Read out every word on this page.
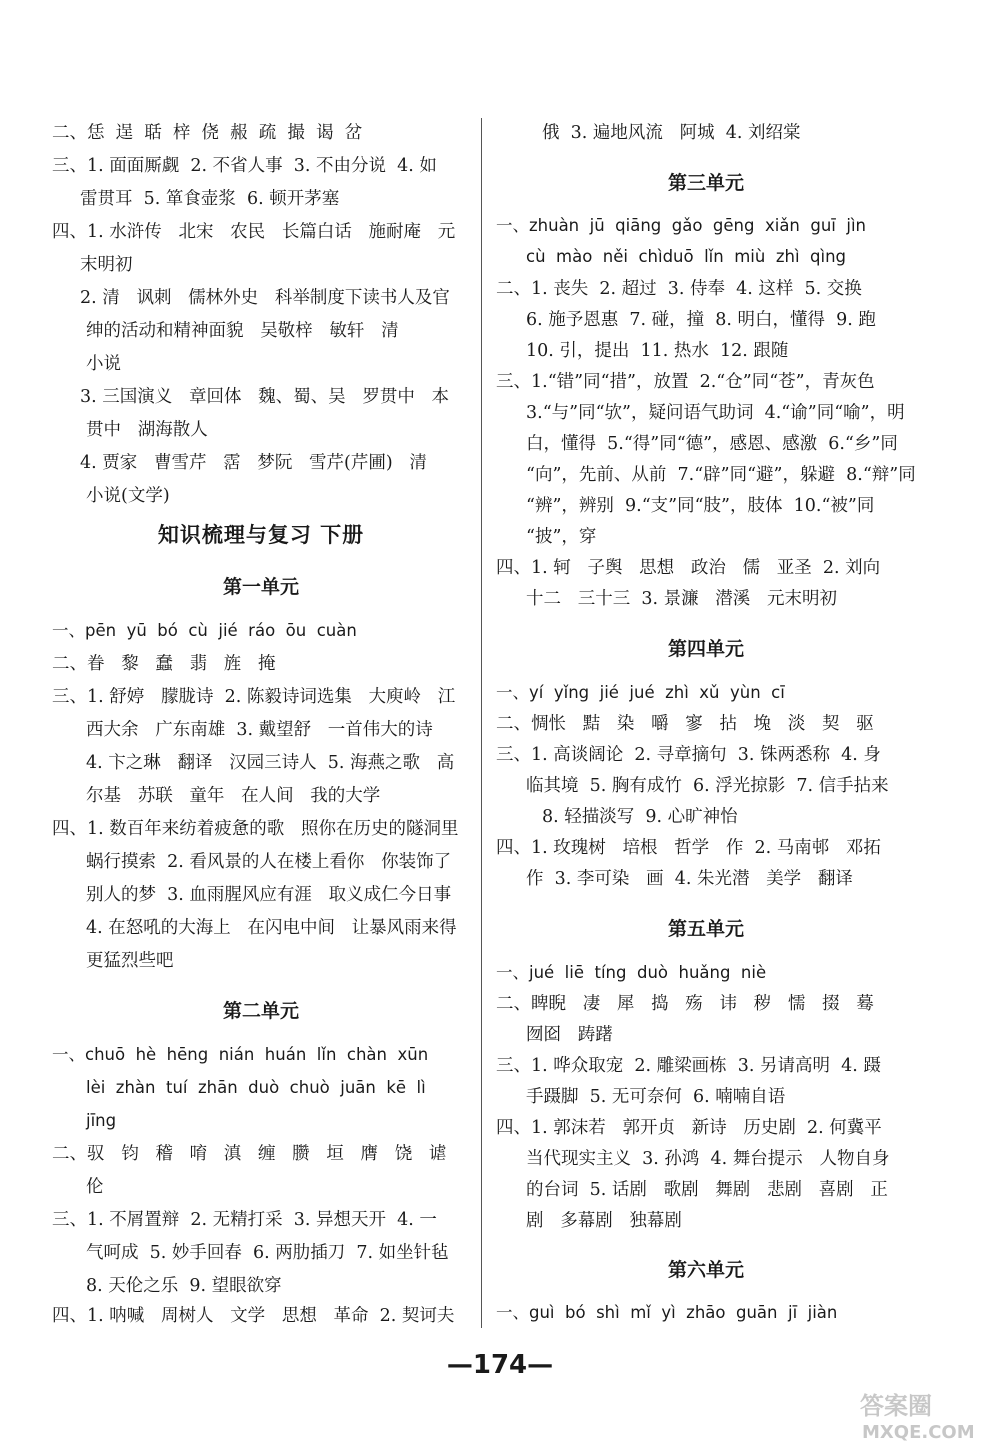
二、恁  逞  聒  梓  侥  赧  疏  撮  谒  岔
三、1. 面面厮觑  2. 不省人事  3. 不由分说  4. 如
雷贯耳  5. 箪食壶浆  6. 顿开茅塞
四、1. 水浒传   北宋   农民   长篇白话   施耐庵   元
末明初
2. 清   讽刺   儒林外史   科举制度下读书人及官
绅的活动和精神面貌   吴敬梓   敏轩   清
小说
3. 三国演义   章回体   魏、蜀、吴   罗贯中   本
贯中   湖海散人
4. 贾家   曹雪芹   霑   梦阮   雪芹(芹圃)   清
小说(文学)
知识梳理与复习 下册
第一单元
一、pēn  yū  bó  cù  jié  ráo  ōu  cuàn
二、眷   黎   蠢   翡   旌   掩
三、1. 舒婷   朦胧诗  2. 陈毅诗词选集   大庾岭   江
西大余   广东南雄  3. 戴望舒   一首伟大的诗
4. 卞之琳   翻译   汉园三诗人  5. 海燕之歌   高
尔基   苏联   童年   在人间   我的大学
四、1. 数百年来纺着疲惫的歌   照你在历史的隧洞里
蜗行摸索  2. 看风景的人在楼上看你   你装饰了
别人的梦  3. 血雨腥风应有涯   取义成仁今日事
4. 在怒吼的大海上   在闪电中间   让暴风雨来得
更猛烈些吧
第二单元
一、chuō  hè  hēng  nián  huán  lǐn  chàn  xūn
lèi  zhàn  tuí  zhān  duò  chuò  juān  kē  lì
jīng
二、驭   钧   稽   唷   滇   缠   臜   垣   膺   饶   谑
伦
三、1. 不屑置辩  2. 无精打采  3. 异想天开  4. 一
气呵成  5. 妙手回春  6. 两肋插刀  7. 如坐针毡
8. 天伦之乐  9. 望眼欲穿
四、1. 呐喊   周树人   文学   思想   革命  2. 契诃夫
俄  3. 遍地风流   阿城  4. 刘绍棠
第三单元
一、zhuàn  jū  qiāng  gǎo  gēng  xiǎn  guī  jìn
cù  mào  něi  chìduō  lǐn  miù  zhì  qìng
二、1. 丧失  2. 超过  3. 侍奉  4. 这样  5. 交换
6. 施予恩惠  7. 碰，撞  8. 明白，懂得  9. 跑
10. 引，提出  11. 热水  12. 跟随
三、1.“错”同“措”，放置  2.“仓”同“苍”，青灰色
3.“与”同“欤”，疑问语气助词  4.“谕”同“喻”，明
白，懂得  5.“得”同“德”，感恩、感激  6.“乡”同
“向”，先前、从前  7.“辟”同“避”，躲避  8.“辩”同
“辨”，辨别  9.“支”同“肢”，肢体  10.“被”同
“披”，穿
四、1. 轲   子舆   思想   政治   儒   亚圣  2. 刘向
十二   三十三  3. 景濂   潜溪   元末明初
第四单元
一、yí  yǐng  jié  jué  zhì  xǔ  yùn  cī
二、惆怅   黠   染   嚼   寥   拈   堍   淡   契   驱
三、1. 高谈阔论  2. 寻章摘句  3. 铢两悉称  4. 身
临其境  5. 胸有成竹  6. 浮光掠影  7. 信手拈来
8. 轻描淡写  9. 心旷神怡
四、1. 玫瑰树   培根   哲学   作  2. 马南邨   邓拓
作  3. 李可染   画  4. 朱光潜   美学   翻译
第五单元
一、jué  liē  tíng  duò  huǎng  niè
二、睥睨   凄   犀   捣   殇   讳   秽   懦   掇   蓦
囫囵   踌躇
三、1. 哗众取宠  2. 雕梁画栋  3. 另请高明  4. 蹑
手蹑脚  5. 无可奈何  6. 喃喃自语
四、1. 郭沫若   郭开贞   新诗   历史剧  2. 何冀平
当代现实主义  3. 孙鸿  4. 舞台提示   人物自身
的台词  5. 话剧   歌剧   舞剧   悲剧   喜剧   正
剧   多幕剧   独幕剧
第六单元
一、guì  bó  shì  mǐ  yì  zhāo  guān  jī  jiàn
—174—
答案圈
MXQE.COM
